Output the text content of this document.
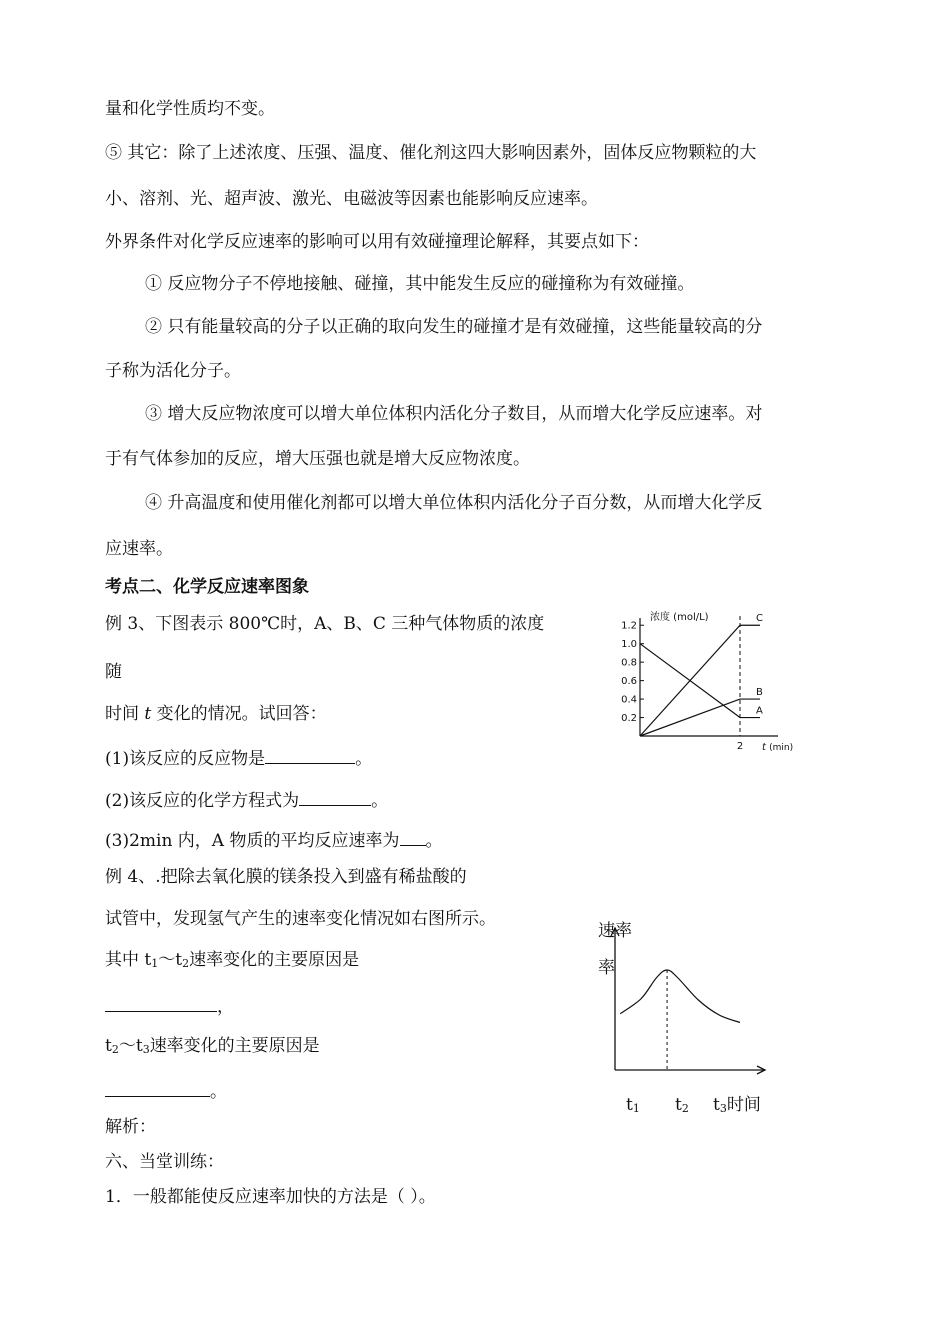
量和化学性质均不变。
⑤ 其它：除了上述浓度、压强、温度、催化剂这四大影响因素外，固体反应物颗粒的大
小、溶剂、光、超声波、激光、电磁波等因素也能影响反应速率。
外界条件对化学反应速率的影响可以用有效碰撞理论解释，其要点如下：
① 反应物分子不停地接触、碰撞，其中能发生反应的碰撞称为有效碰撞。
② 只有能量较高的分子以正确的取向发生的碰撞才是有效碰撞，这些能量较高的分
子称为活化分子。
③ 增大反应物浓度可以增大单位体积内活化分子数目，从而增大化学反应速率。对
于有气体参加的反应，增大压强也就是增大反应物浓度。
④ 升高温度和使用催化剂都可以增大单位体积内活化分子百分数，从而增大化学反
应速率。
考点二、化学反应速率图象
例 3、下图表示 800℃时，A、B、C 三种气体物质的浓度
随
时间 t 变化的情况。试回答：
(1)该反应的反应物是	。
(2)该反应的化学方程式为	。
(3)2min 内，A 物质的平均反应速率为 。
例 4、.把除去氧化膜的镁条投入到盛有稀盐酸的
试管中，发现氢气产生的速率变化情况如右图所示。
其中 $t_1\sim t_2$速率变化的主要原因是
，
$t_2\sim t_3$速率变化的主要原因是
。
解析：
六、当堂训练：
1．一般都能使反应速率加快的方法是（ ）。
0.2
0.4
0.6
0.8
1.0
1.2
2
浓度 (mol/L)
t (min)
A
B
C
速率
率
$t_1$ $t_2$ $t_3$时间
